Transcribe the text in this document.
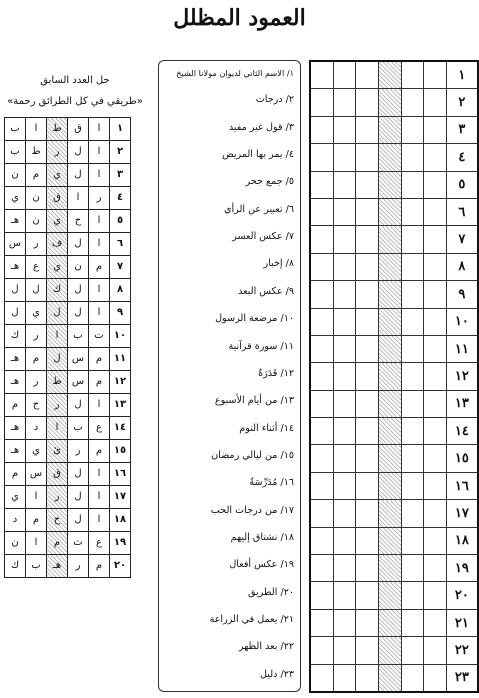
العمود المظلل
حل العدد السابق
«طريقي في كل الطرائق رحمة»
ب	ا	ط	ق	ا	١
ب	ط	ر	ل	ا	٢
ن	م	ي	ل	ا	٣
ي	ن	ق	ا	ر	٤
هـ	ن	ي	ح	ا	٥
س	ر	ف	ل	ا	٦
هـ	ع	ي	ن	م	٧
ل	ل	ك	ل	ا	٨
ل	ي	ل	ل	ا	٩
ك	ر	ا	ب	ت	١٠
هـ	م	ل	س	م	١١
هـ	ر	ط	س	م	١٢
م	ح	ر	ل	ا	١٣
هـ	د	ا	ب	ع	١٤
هـ	ي	ئ	ر	م	١٥
م	س	ق	ل	ا	١٦
ي	ا	ر	ل	ا	١٧
د	م	ح	ل	ا	١٨
ن	ا	م	ث	ع	١٩
ك	ب	هـ	ر	م	٢٠
١/ الاسم الثاني لديوان مولانا الشيخ
٢/ درجات
٣/ قول غير مفيد
٤/ يمر بها المريض
٥/ جمع جحر
٦/ تعبير عن الرأي
٧/ عكس العسر
٨/ إخبار
٩/ عكس البعد
١٠/ مرضعة الرسول
١١/ سورة قرآنية
١٢/ قَدَرَةٌ
١٣/ من أيام الأسبوع
١٤/ أثناء النوم
١٥/ من ليالي رمضان
١٦/ مُدَرِّسَةٌ
١٧/ من درجات الحب
١٨/ نشتاق إليهم
١٩/ عكس أفعال
٢٠/ الطريق
٢١/ يعمل في الزراعة
٢٢/ بعد الظهر
٢٣/ دليل
						١
						٢
						٣
						٤
						٥
						٦
						٧
						٨
						٩
						١٠
						١١
						١٢
						١٣
						١٤
						١٥
						١٦
						١٧
						١٨
						١٩
						٢٠
						٢١
						٢٢
						٢٣
